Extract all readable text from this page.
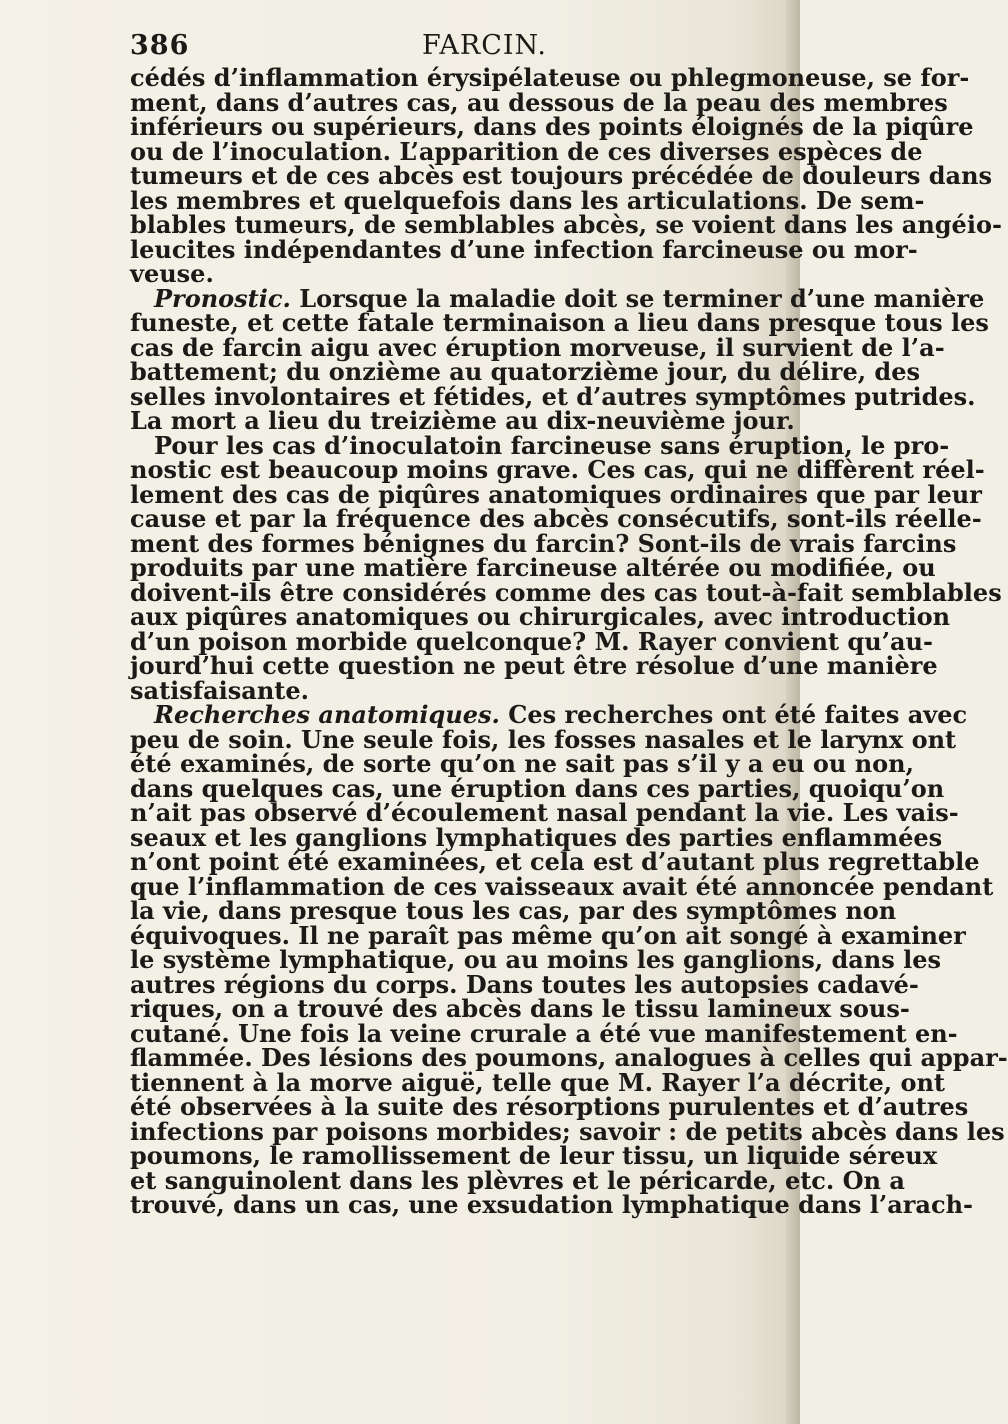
386	FARCIN.
cédés d’inflammation érysipélateuse ou phlegmoneuse, se for-
ment, dans d’autres cas, au dessous de la peau des membres
inférieurs ou supérieurs, dans des points éloignés de la piqûre
ou de l’inoculation. L’apparition de ces diverses espèces de
tumeurs et de ces abcès est toujours précédée de douleurs dans
les membres et quelquefois dans les articulations. De sem-
blables tumeurs, de semblables abcès, se voient dans les angéio-
leucites indépendantes d’une infection farcineuse ou mor-
veuse.
Pronostic. Lorsque la maladie doit se terminer d’une manière
funeste, et cette fatale terminaison a lieu dans presque tous les
cas de farcin aigu avec éruption morveuse, il survient de l’a-
battement; du onzième au quatorzième jour, du délire, des
selles involontaires et fétides, et d’autres symptômes putrides.
La mort a lieu du treizième au dix-neuvième jour.
Pour les cas d’inoculatoin farcineuse sans éruption, le pro-
nostic est beaucoup moins grave. Ces cas, qui ne diffèrent réel-
lement des cas de piqûres anatomiques ordinaires que par leur
cause et par la fréquence des abcès consécutifs, sont-ils réelle-
ment des formes bénignes du farcin? Sont-ils de vrais farcins
produits par une matière farcineuse altérée ou modifiée, ou
doivent-ils être considérés comme des cas tout-à-fait semblables
aux piqûres anatomiques ou chirurgicales, avec introduction
d’un poison morbide quelconque? M. Rayer convient qu’au-
jourd’hui cette question ne peut être résolue d’une manière
satisfaisante.
Recherches anatomiques. Ces recherches ont été faites avec
peu de soin. Une seule fois, les fosses nasales et le larynx ont
été examinés, de sorte qu’on ne sait pas s’il y a eu ou non,
dans quelques cas, une éruption dans ces parties, quoiqu’on
n’ait pas observé d’écoulement nasal pendant la vie. Les vais-
seaux et les ganglions lymphatiques des parties enflammées
n’ont point été examinées, et cela est d’autant plus regrettable
que l’inflammation de ces vaisseaux avait été annoncée pendant
la vie, dans presque tous les cas, par des symptômes non
équivoques. Il ne paraît pas même qu’on ait songé à examiner
le système lymphatique, ou au moins les ganglions, dans les
autres régions du corps. Dans toutes les autopsies cadavé-
riques, on a trouvé des abcès dans le tissu lamineux sous-
cutané. Une fois la veine crurale a été vue manifestement en-
flammée. Des lésions des poumons, analogues à celles qui appar-
tiennent à la morve aiguë, telle que M. Rayer l’a décrite, ont
été observées à la suite des résorptions purulentes et d’autres
infections par poisons morbides; savoir : de petits abcès dans les
poumons, le ramollissement de leur tissu, un liquide séreux
et sanguinolent dans les plèvres et le péricarde, etc. On a
trouvé, dans un cas, une exsudation lymphatique dans l’arach-
